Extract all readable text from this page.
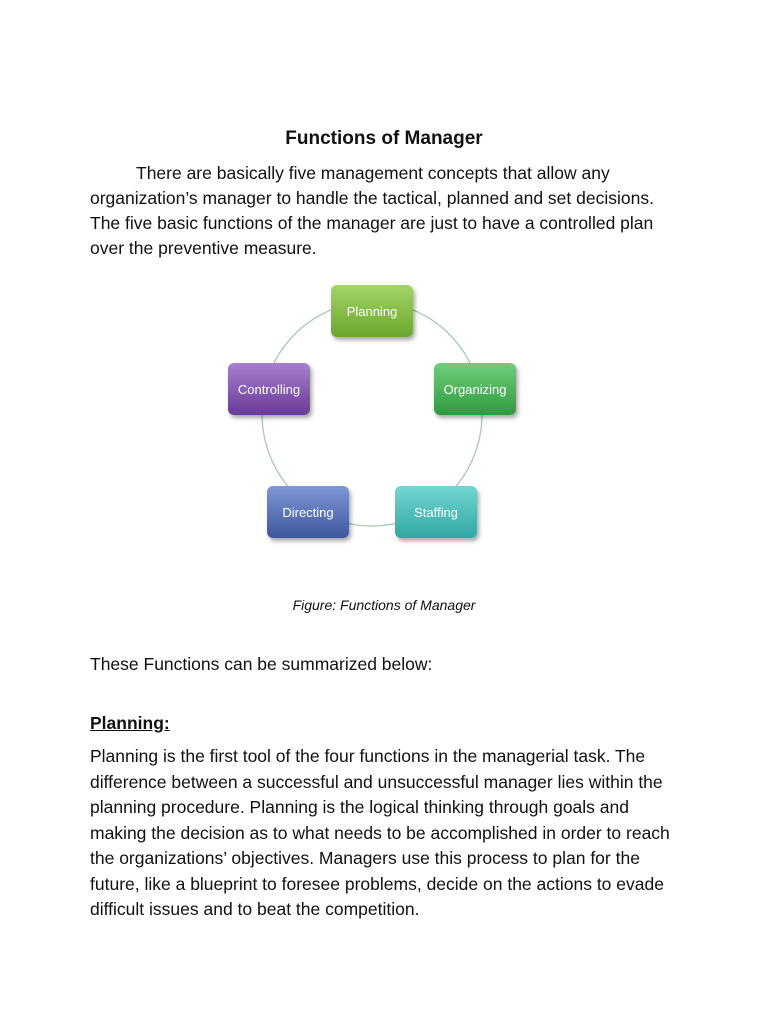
Functions of Manager

There are basically five management concepts that allow any organization’s manager to handle the tactical, planned and set decisions. The five basic functions of the manager are just to have a controlled plan over the preventive measure.

Planning
Organizing
Staffing
Directing
Controlling
Figure: Functions of Manager
These Functions can be summarized below:
Planning:

Planning is the first tool of the four functions in the managerial task. The difference between a successful and unsuccessful manager lies within the planning procedure. Planning is the logical thinking through goals and making the decision as to what needs to be accomplished in order to reach the organizations’ objectives. Managers use this process to plan for the future, like a blueprint to foresee problems, decide on the actions to evade difficult issues and to beat the competition.
